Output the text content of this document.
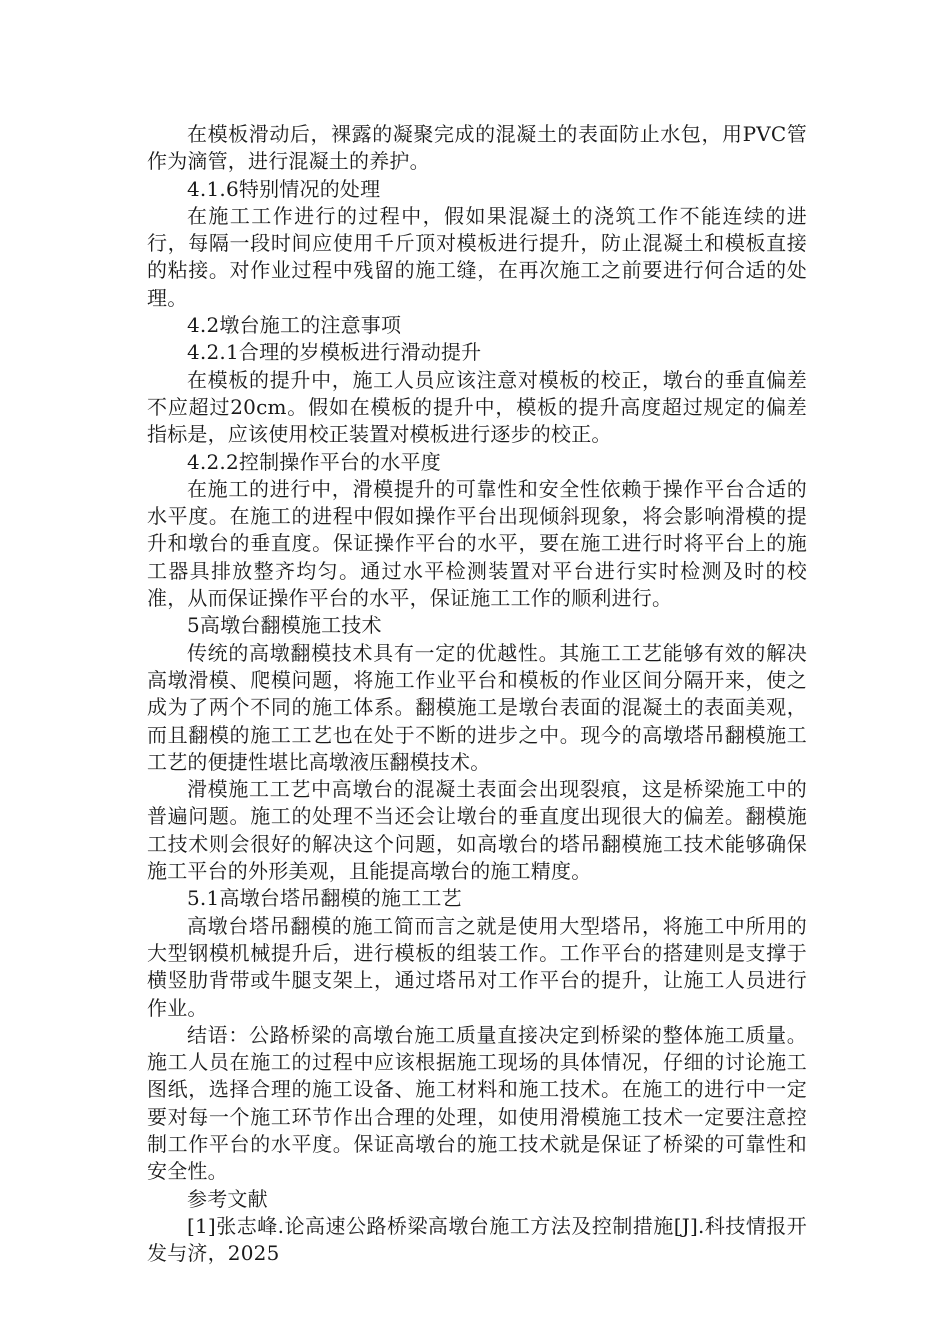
在模板滑动后，裸露的凝聚完成的混凝土的表面防止水包，用PVC管作为滴管，进行混凝土的养护。

4.1.6特别情况的处理

在施工工作进行的过程中，假如果混凝土的浇筑工作不能连续的进行，每隔一段时间应使用千斤顶对模板进行提升，防止混凝土和模板直接的粘接。对作业过程中残留的施工缝，在再次施工之前要进行何合适的处理。

4.2墩台施工的注意事项

4.2.1合理的岁模板进行滑动提升

在模板的提升中，施工人员应该注意对模板的校正，墩台的垂直偏差不应超过20cm。假如在模板的提升中，模板的提升高度超过规定的偏差指标是，应该使用校正装置对模板进行逐步的校正。

4.2.2控制操作平台的水平度

在施工的进行中，滑模提升的可靠性和安全性依赖于操作平台合适的水平度。在施工的进程中假如操作平台出现倾斜现象，将会影响滑模的提升和墩台的垂直度。保证操作平台的水平，要在施工进行时将平台上的施工器具排放整齐均匀。通过水平检测装置对平台进行实时检测及时的校准，从而保证操作平台的水平，保证施工工作的顺利进行。

5高墩台翻模施工技术

传统的高墩翻模技术具有一定的优越性。其施工工艺能够有效的解决高墩滑模、爬模问题，将施工作业平台和模板的作业区间分隔开来，使之成为了两个不同的施工体系。翻模施工是墩台表面的混凝土的表面美观，而且翻模的施工工艺也在处于不断的进步之中。现今的高墩塔吊翻模施工工艺的便捷性堪比高墩液压翻模技术。

滑模施工工艺中高墩台的混凝土表面会出现裂痕，这是桥梁施工中的普遍问题。施工的处理不当还会让墩台的垂直度出现很大的偏差。翻模施工技术则会很好的解决这个问题，如高墩台的塔吊翻模施工技术能够确保施工平台的外形美观，且能提高墩台的施工精度。

5.1高墩台塔吊翻模的施工工艺

高墩台塔吊翻模的施工简而言之就是使用大型塔吊，将施工中所用的大型钢模机械提升后，进行模板的组装工作。工作平台的搭建则是支撑于横竖肋背带或牛腿支架上，通过塔吊对工作平台的提升，让施工人员进行作业。

结语：公路桥梁的高墩台施工质量直接决定到桥梁的整体施工质量。施工人员在施工的过程中应该根据施工现场的具体情况，仔细的讨论施工图纸，选择合理的施工设备、施工材料和施工技术。在施工的进行中一定要对每一个施工环节作出合理的处理，如使用滑模施工技术一定要注意控制工作平台的水平度。保证高墩台的施工技术就是保证了桥梁的可靠性和安全性。

参考文献

[1]张志峰.论高速公路桥梁高墩台施工方法及控制措施[J].科技情报开发与济，2025
